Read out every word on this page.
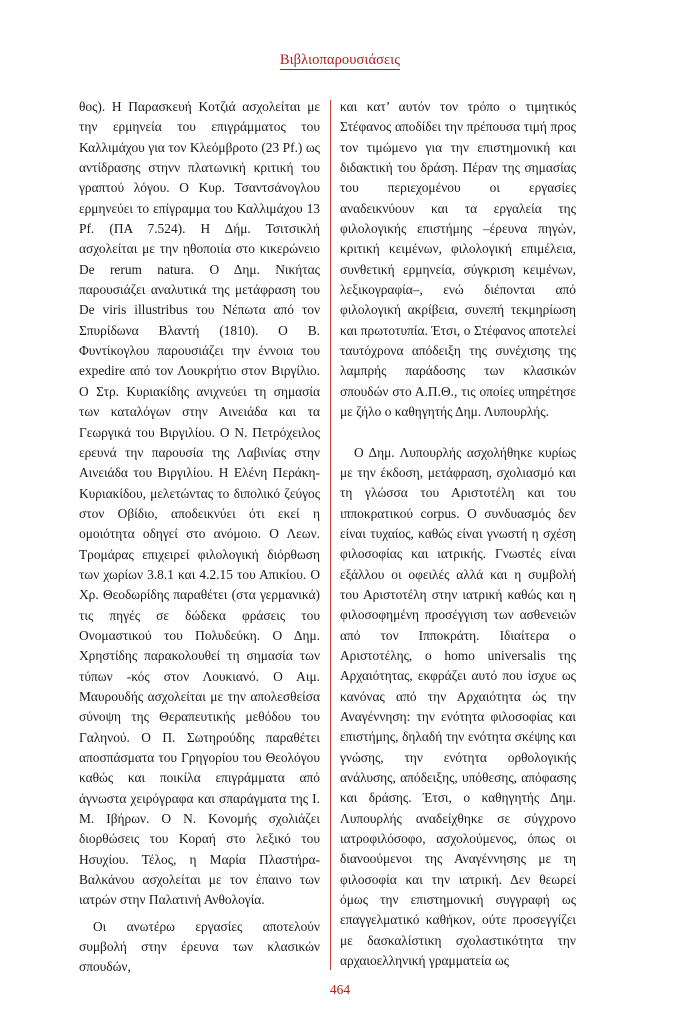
Βιβλιοπαρουσιάσεις

θος). Η Παρασκευή Κοτζιά ασχολείται με την ερμηνεία του επιγράμματος του Καλλιμάχου για τον Κλεόμβροτο (23 Pf.) ως αντίδρασης στηνν πλατωνική κριτική του γραπτού λόγου. Ο Κυρ. Τσαντσάνογλου ερμηνεύει το επίγραμμα του Καλλιμάχου 13 Pf. (ΠΑ 7.524). Η Δήμ. Τσιτσικλή ασχολείται με την ηθοποιία στο κικερώνειο De rerum natura. Ο Δημ. Νικήτας παρουσιάζει αναλυτικά της μετάφραση του De viris illustribus του Νέπωτα από τον Σπυρίδωνα Βλαντή (1810). Ο Β. Φυντίκογλου παρουσιάζει την έννοια του expedire από τον Λουκρήτιο στον Βιργίλιο. Ο Στρ. Κυριακίδης ανιχνεύει τη σημασία των καταλόγων στην Αινειάδα και τα Γεωργικά του Βιργιλίου. Ο Ν. Πετρόχειλος ερευνά την παρουσία της Λαβινίας στην Αινειάδα του Βιργιλίου. Η Ελένη Περάκη-Κυριακίδου, μελετώντας το διπολικό ζεύγος στον Οβίδιο, αποδεικνύει ότι εκεί η ομοιότητα οδηγεί στο ανόμοιο. Ο Λεων. Τρομάρας επιχειρεί φιλολογική διόρθωση των χωρίων 3.8.1 και 4.2.15 του Απικίου. Ο Χρ. Θεοδωρίδης παραθέτει (στα γερμανικά) τις πηγές σε δώδεκα φράσεις του Ονομαστικού του Πολυδεύκη. Ο Δημ. Χρηστίδης παρακολουθεί τη σημασία των τύπων -κός στον Λουκιανό. Ο Αιμ. Μαυρουδής ασχολείται με την απολεσθείσα σύνοψη της Θεραπευτικής μεθόδου του Γαληνού. Ο Π. Σωτηρούδης παραθέτει αποσπάσματα του Γρηγορίου του Θεολόγου καθώς και ποικίλα επιγράμματα από άγνωστα χειρόγραφα και σπαράγματα της Ι. Μ. Ιβήρων. Ο Ν. Κονομής σχολιάζει διορθώσεις του Κοραή στο λεξικό του Ησυχίου. Τέλος, η Μαρία Πλαστήρα-Βαλκάνου ασχολείται με τον έπαινο των ιατρών στην Παλατινή Ανθολογία.

Οι ανωτέρω εργασίες αποτελούν συμβολή στην έρευνα των κλασικών σπουδών,

και κατ’ αυτόν τον τρόπο ο τιμητικός Στέφανος αποδίδει την πρέπουσα τιμή προς τον τιμώμενο για την επιστημονική και διδακτική του δράση. Πέραν της σημασίας του περιεχομένου οι εργασίες αναδεικνύουν και τα εργαλεία της φιλολογικής επιστήμης –έρευνα πηγών, κριτική κειμένων, φιλολογική επιμέλεια, συνθετική ερμηνεία, σύγκριση κειμένων, λεξικογραφία–, ενώ διέπονται από φιλολογική ακρίβεια, συνεπή τεκμηρίωση και πρωτοτυπία. Έτσι, ο Στέφανος αποτελεί ταυτόχρονα απόδειξη της συνέχισης της λαμπρής παράδοσης των κλασικών σπουδών στο Α.Π.Θ., τις οποίες υπηρέτησε με ζήλο ο καθηγητής Δημ. Λυπουρλής.

Ο Δημ. Λυπουρλής ασχολήθηκε κυρίως με την έκδοση, μετάφραση, σχολιασμό και τη γλώσσα του Αριστοτέλη και του ιπποκρατικού corpus. Ο συνδυασμός δεν είναι τυχαίος, καθώς είναι γνωστή η σχέση φιλοσοφίας και ιατρικής. Γνωστές είναι εξάλλου οι οφειλές αλλά και η συμβολή του Αριστοτέλη στην ιατρική καθώς και η φιλοσοφημένη προσέγγιση των ασθενειών από τον Ιπποκράτη. Ιδιαίτερα ο Αριστοτέλης, ο homo universalis της Αρχαιότητας, εκφράζει αυτό που ίσχυε ως κανόνας από την Αρχαιότητα ώς την Αναγέννηση: την ενότητα φιλοσοφίας και επιστήμης, δηλαδή την ενότητα σκέψης και γνώσης, την ενότητα ορθολογικής ανάλυσης, απόδειξης, υπόθεσης, απόφασης και δράσης. Έτσι, ο καθηγητής Δημ. Λυπουρλής αναδείχθηκε σε σύγχρονο ιατροφιλόσοφο, ασχολούμενος, όπως οι διανοούμενοι της Αναγέννησης με τη φιλοσοφία και την ιατρική. Δεν θεωρεί όμως την επιστημονική συγγραφή ως επαγγελματικό καθήκον, ούτε προσεγγίζει με δασκαλίστικη σχολαστικότητα την αρχαιοελληνική γραμματεία ως

464
